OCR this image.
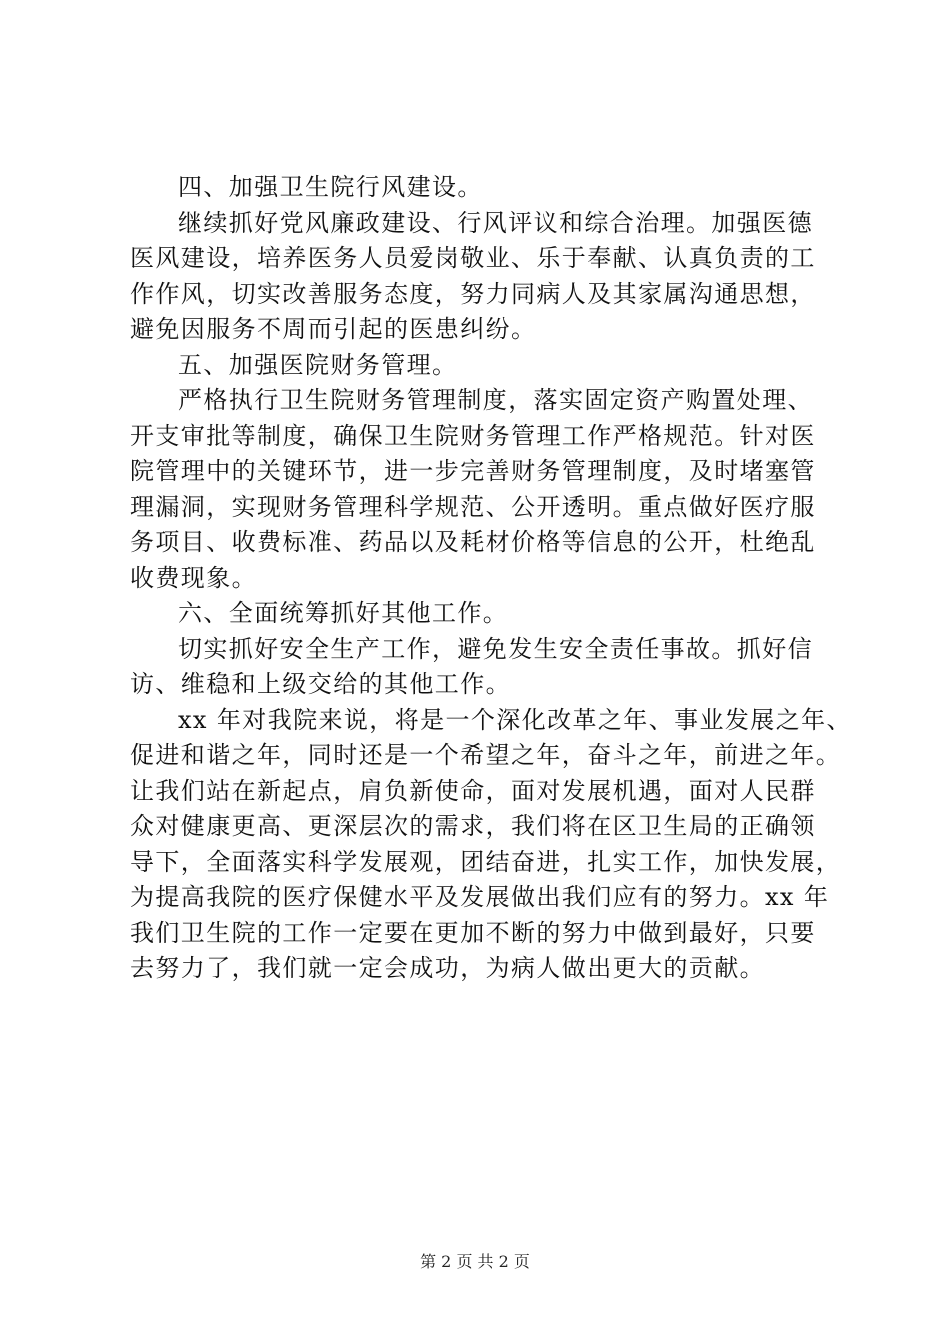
四、加强卫生院行风建设。
继续抓好党风廉政建设、行风评议和综合治理。加强医德
医风建设，培养医务人员爱岗敬业、乐于奉献、认真负责的工
作作风，切实改善服务态度，努力同病人及其家属沟通思想，
避免因服务不周而引起的医患纠纷。
五、加强医院财务管理。
严格执行卫生院财务管理制度，落实固定资产购置处理、
开支审批等制度，确保卫生院财务管理工作严格规范。针对医
院管理中的关键环节，进一步完善财务管理制度，及时堵塞管
理漏洞，实现财务管理科学规范、公开透明。重点做好医疗服
务项目、收费标准、药品以及耗材价格等信息的公开，杜绝乱
收费现象。
六、全面统筹抓好其他工作。
切实抓好安全生产工作，避免发生安全责任事故。抓好信
访、维稳和上级交给的其他工作。
xx 年对我院来说，将是一个深化改革之年、事业发展之年、
促进和谐之年，同时还是一个希望之年，奋斗之年，前进之年。
让我们站在新起点，肩负新使命，面对发展机遇，面对人民群
众对健康更高、更深层次的需求，我们将在区卫生局的正确领
导下，全面落实科学发展观，团结奋进，扎实工作，加快发展，
为提高我院的医疗保健水平及发展做出我们应有的努力。xx 年
我们卫生院的工作一定要在更加不断的努力中做到最好，只要
去努力了，我们就一定会成功，为病人做出更大的贡献。
第 2 页 共 2 页
